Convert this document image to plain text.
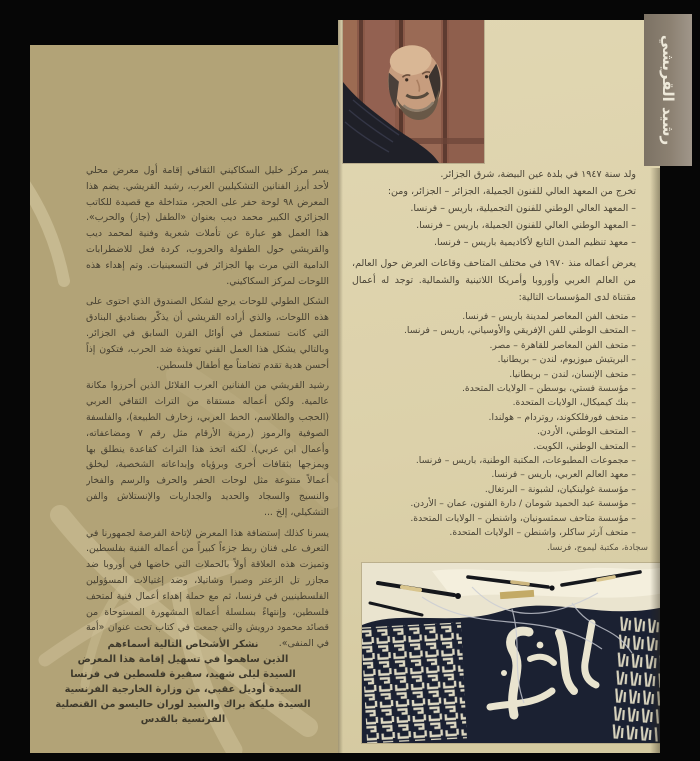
يسر مركز خليل السكاكيني الثقافي إقامة أول معرض محلي لأحد أبرز الفنانين التشكيليين العرب، رشيد القريشي. يضم هذا المعرض ٩٨ لوحة حفر على الحجر، متداخلة مع قصيدة للكاتب الجزائري الكبير محمد ديب بعنوان «الطفل (جاز) والحرب». هذا العمل هو عبارة عن تأملات شعرية وفنية لمحمد ديب والقريشي حول الطفولة والحروب، كردة فعل للاضطرابات الدامية التي مرت بها الجزائر في التسعينيات. وتم إهداء هذه اللوحات لمركز السكاكيني.

الشكل الطولي للوحات يرجع لشكل الصندوق الذي احتوى على هذه اللوحات، والذي أراده القريشي أن يذكّر بصناديق البنادق التي كانت تستعمل في أوائل القرن السابق في الجزائر. وبالتالي يشكل هذا العمل الفني تعويذة ضد الحرب، فتكون إذاً أحسن هدية تقدم تضامناً مع أطفال فلسطين.

رشيد القريشي من الفنانين العرب القلائل الذين أحرزوا مكانة عالمية. ولكن أعماله مستقاة من التراث الثقافي العربي (الحجب والطلاسم، الخط العربي، زخارف الطبيعة)، والفلسفة الصوفية والرموز (رمزية الأرقام مثل رقم ٧ ومضاعفاته، وأعمال ابن عربي). لكنه اتخذ هذا التراث كقاعدة ينطلق بها ويمزجها بثقافات أخرى وبرؤياه وإبداعاته الشخصية، ليخلق أعمالاً متنوعة مثل لوحات الحفر والحرف والرسم والفخار والنسيج والسجاد والحديد والجداريات والإنستلاش والفن التشكيلي، إلخ ...

يسرنا كذلك إستضافة هذا المعرض لإتاحة الفرصة لجمهورنا في التعرف على فنان ربط جزءاً كبيراً من أعماله الفنية بفلسطين. وتميزت هذه العلاقة أولاً بالحملات التي خاضها في أوروبا ضد مجازر تل الزعتر وصبرا وشاتيلا، وضد إغتيالات المسؤولين الفلسطينيين في فرنسا، ثم مع حملة إهداء أعمال فنية لمتحف فلسطين، وإنتهاءً بسلسلة أعماله المشهورة المستوحاة من قصائد محمود درويش والتي جمعت في كتاب تحت عنوان «أمة في المنفى».

نشكر الأشخاص التالية أسماءهم
الذين ساهموا في تسهيل إقامة هذا المعرض
السيدة ليلى شهيد، سفيرة فلسطين في فرنسا
السيدة أوديل عقبي، من وزارة الخارجية الفرنسية
السيدة مليكة براك والسيد لوران حاليسو من القنصلية الفرنسية بالقدس
ولد سنة ١٩٤٧ في بلدة عين البيضة، شرق الجزائر.
تخرج من المعهد العالي للفنون الجميلة، الجزائر – الجزائر، ومن:
– المعهد العالي الوطني للفنون التجميلية، باريس – فرنسا.
– المعهد الوطني العالي للفنون الجميلة، باريس – فرنسا.
– معهد تنظيم المدن التابع لأكاديمية باريس – فرنسا.
يعرض أعماله منذ ١٩٧٠ في مختلف المتاحف وقاعات العرض حول العالم، من العالم العربي وأوروبا وأمريكا اللاتينية والشمالية. توجد له أعمال مقتناة لدى المؤسسات التالية:
– متحف الفن المعاصر لمدينة باريس – فرنسا.
– المتحف الوطني للفن الإفريقي والأوسياني، باريس – فرنسا.
– متحف الفن المعاصر للقاهرة – مصر.
– البريتيش ميوزيوم، لندن – بريطانيا.
– متحف الإنسان، لندن – بريطانيا.
– مؤسسة فستي، بوسطن – الولايات المتحدة.
– بنك كيميكال، الولايات المتحدة.
– متحف فورفلككوند، روتردام – هولندا.
– المتحف الوطني، الأردن.
– المتحف الوطني، الكويت.
– مجموعات المطبوعات، المكتبة الوطنية، باريس – فرنسا.
– معهد العالم العربي، باريس – فرنسا.
– مؤسسة غولبنكيان، لشبونة – البرتغال.
– مؤسسة عبد الحميد شومان / دارة الفنون، عمان – الأردن.
– مؤسسة متاحف سمثسونيان، واشنطن – الولايات المتحدة.
– متحف آرثر ساكلر، واشنطن – الولايات المتحدة.
سجادة، مكتبة ليموج، فرنسا.
رشيد القريشي
